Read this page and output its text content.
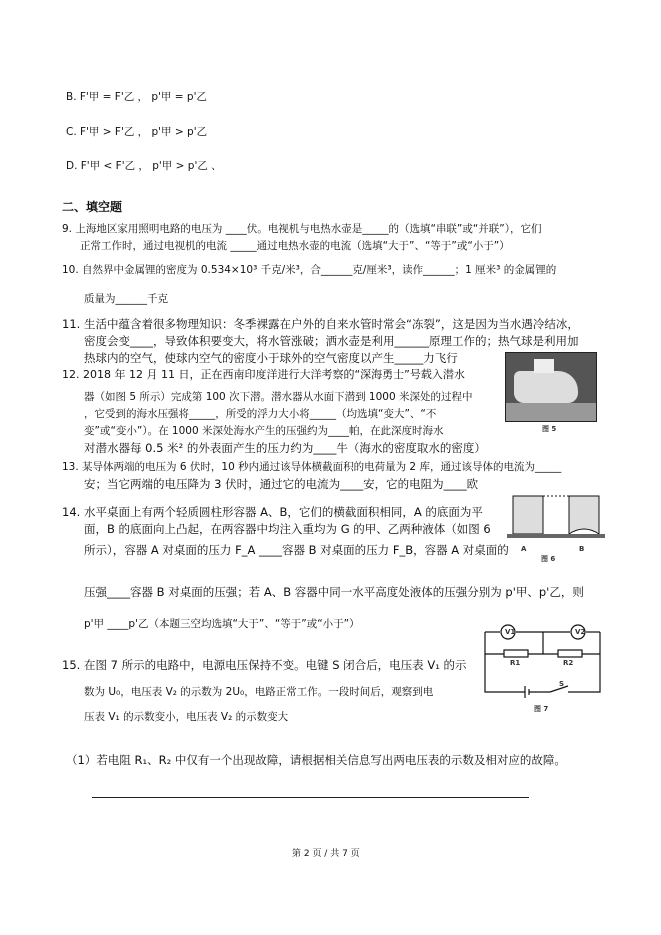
B. F'甲 = F'乙 ， p'甲 = p'乙
C. F'甲 > F'乙 ， p'甲 > p'乙
D. F'甲 < F'乙 ， p'甲 > p'乙 、
二、填空题
9. 上海地区家用照明电路的电压为 ____伏。电视机与电热水壶是_____的（选填“串联”或“并联”），它们
正常工作时，通过电视机的电流 _____通过电热水壶的电流（选填“大于”、“等于”或“小于”）
10. 自然界中金属锂的密度为 0.534×10³ 千克/米³，合______克/厘米³，读作______；1 厘米³ 的金属锂的
质量为______千克
11. 生活中蕴含着很多物理知识：冬季裸露在户外的自来水管时常会“冻裂”，这是因为当水遇冷结冰，
密度会变____，导致体积要变大，将水管涨破；洒水壶是利用______原理工作的；热气球是利用加
热球内的空气，使球内空气的密度小于球外的空气密度以产生_____力飞行
12. 2018 年 12 月 11 日，正在西南印度洋进行大洋考察的“深海勇士”号载入潜水
器（如图 5 所示）完成第 100 次下潜。潜水器从水面下潜到 1000 米深处的过程中
，它受到的海水压强将_____，所受的浮力大小将_____（均选填“变大”、“不
变”或“变小”）。在 1000 米深处海水产生的压强约为____帕，在此深度时海水
对潜水器每 0.5 米² 的外表面产生的压力约为____牛（海水的密度取水的密度）
图 5
13. 某导体两端的电压为 6 伏时，10 秒内通过该导体横截面积的电荷量为 2 库，通过该导体的电流为_____
安；当它两端的电压降为 3 伏时，通过它的电流为____安，它的电阻为____欧
14. 水平桌面上有两个轻质圆柱形容器 A、B，它们的横截面积相同，A 的底面为平
面，B 的底面向上凸起，在两容器中均注入重均为 G 的甲、乙两种液体（如图 6
所示），容器 A 对桌面的压力 F_A ____容器 B 对桌面的压力 F_B，容器 A 对桌面的
压强____容器 B 对桌面的压强；若 A、B 容器中同一水平高度处液体的压强分别为 p'甲、p'乙，则
p'甲 ____p'乙（本题三空均选填“大于”、“等于”或“小于”）
A	B
图 6
15. 在图 7 所示的电路中，电源电压保持不变。电键 S 闭合后，电压表 V₁ 的示
数为 U₀，电压表 V₂ 的示数为 2U₀，电路正常工作。一段时间后，观察到电
压表 V₁ 的示数变小，电压表 V₂ 的示数变大
V1	V2
R1	R2
S
图 7
（1）若电阻 R₁、R₂ 中仅有一个出现故障，请根据相关信息写出两电压表的示数及相对应的故障。
第 2 页 / 共 7 页
